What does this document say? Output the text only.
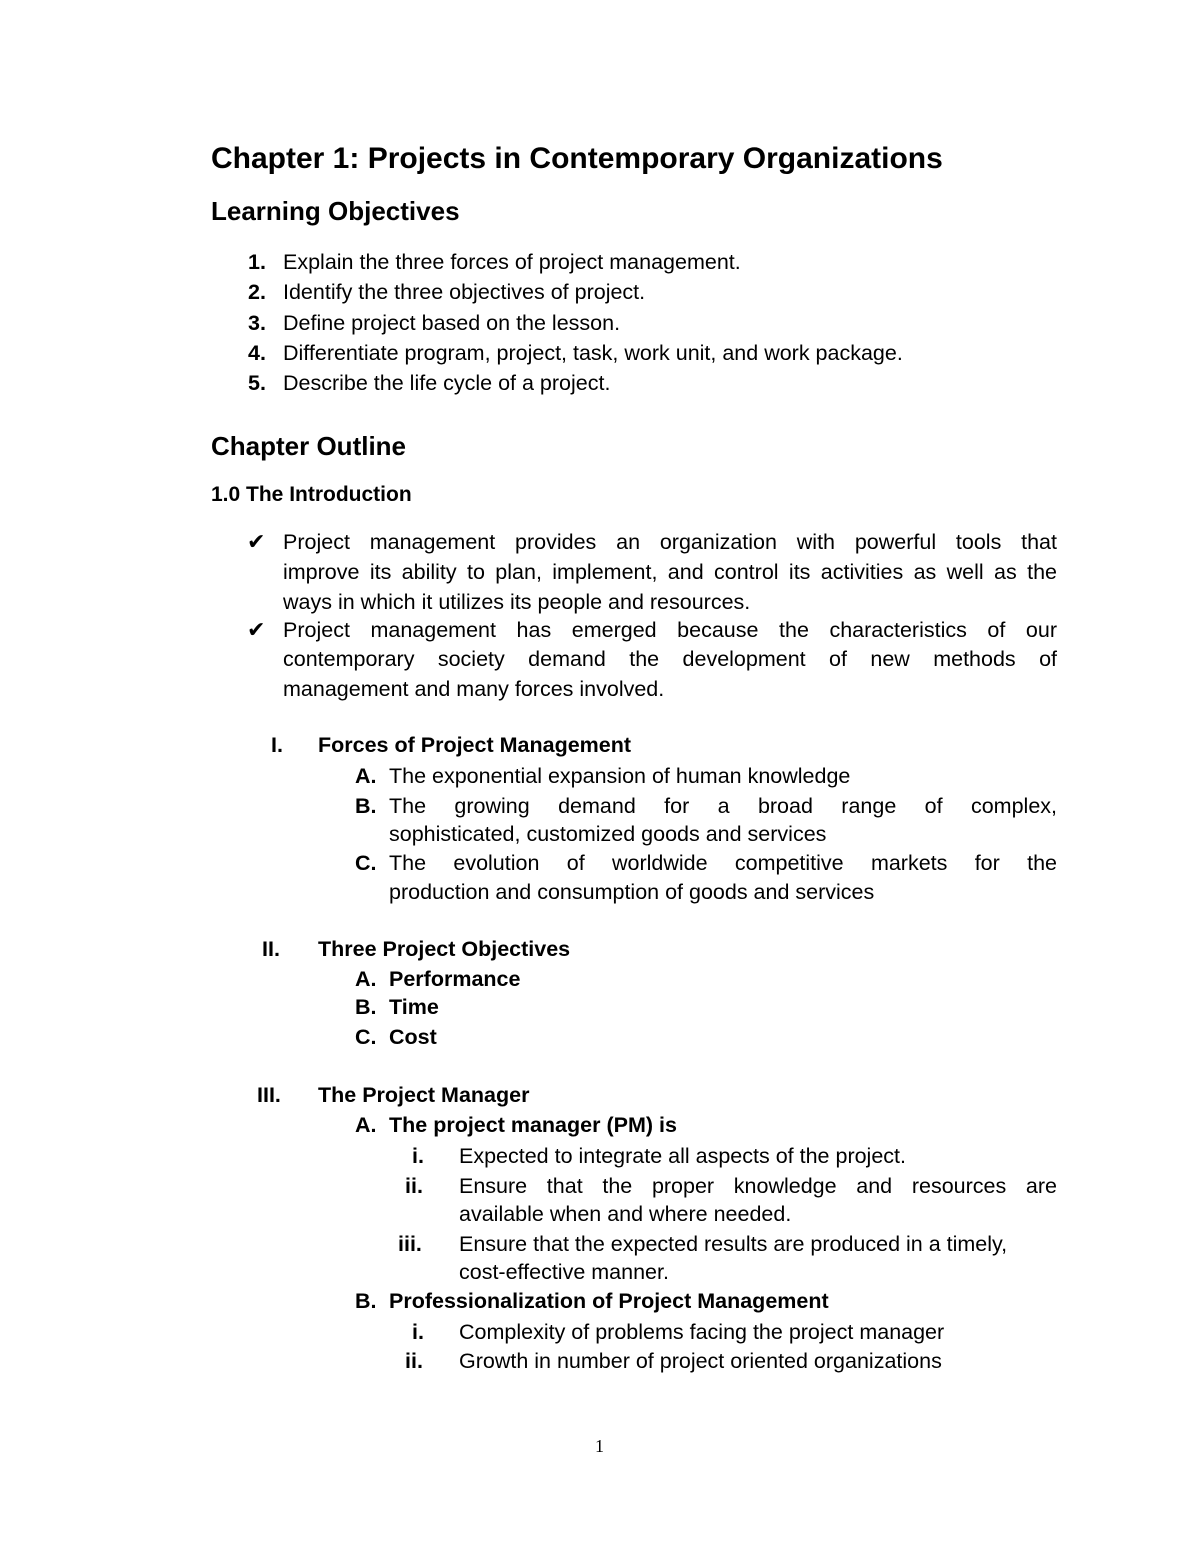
Chapter 1: Projects in Contemporary Organizations
Learning Objectives
1. Explain the three forces of project management.
2. Identify the three objectives of project.
3. Define project based on the lesson.
4. Differentiate program, project, task, work unit, and work package.
5. Describe the life cycle of a project.
Chapter Outline
1.0 The Introduction
✔ Project management provides an organization with powerful tools that
improve its ability to plan, implement, and control its activities as well as the
ways in which it utilizes its people and resources.
✔ Project management has emerged because the characteristics of our
contemporary society demand the development of new methods of
management and many forces involved.
I. Forces of Project Management
A. The exponential expansion of human knowledge
B. The growing demand for a broad range of complex,
sophisticated, customized goods and services
C. The evolution of worldwide competitive markets for the
production and consumption of goods and services
II. Three Project Objectives
A. Performance
B. Time
C. Cost
III. The Project Manager
A. The project manager (PM) is
i. Expected to integrate all aspects of the project.
ii. Ensure that the proper knowledge and resources are
available when and where needed.
iii. Ensure that the expected results are produced in a timely,
cost-effective manner.
B. Professionalization of Project Management
i. Complexity of problems facing the project manager
ii. Growth in number of project oriented organizations
1
